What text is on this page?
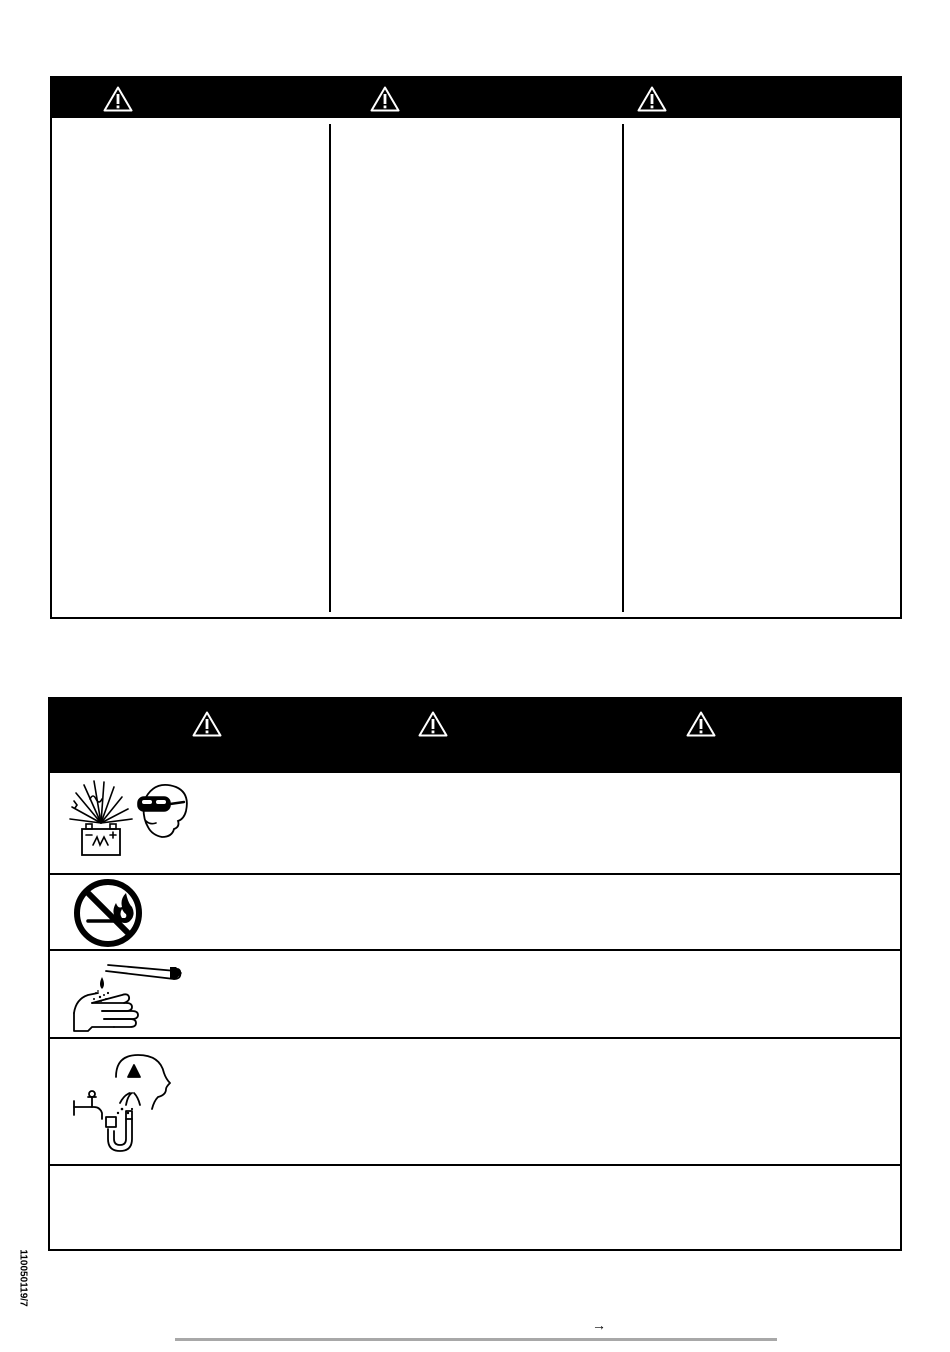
110050119/7
→
